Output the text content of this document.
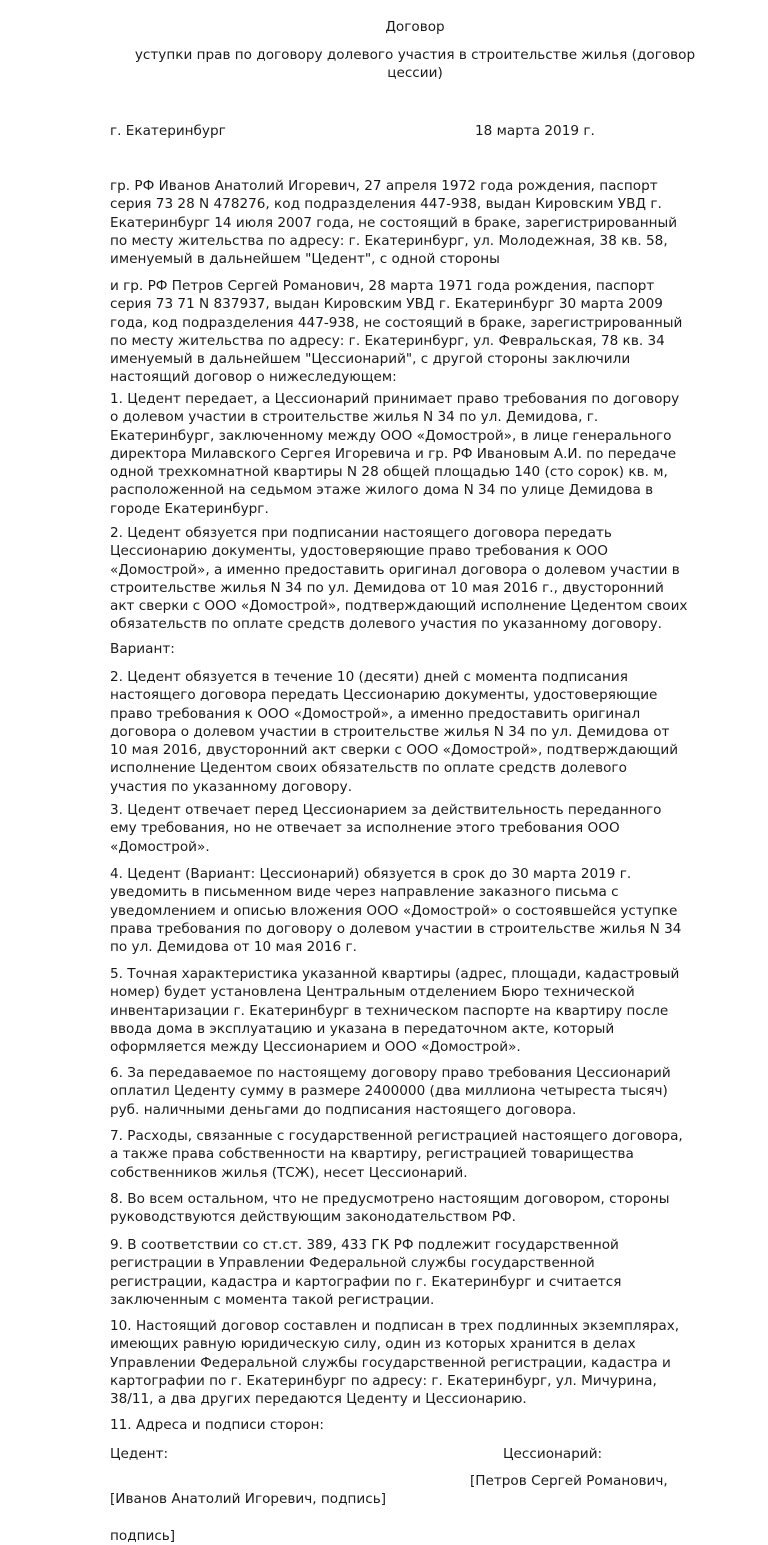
Договор
уступки прав по договору долевого участия в строительстве жилья (договор
цессии)
г. Екатеринбург	18 марта 2019 г.
гр. РФ Иванов Анатолий Игоревич, 27 апреля 1972 года рождения, паспорт
серия 73 28 N 478276, код подразделения 447-938, выдан Кировским УВД г.
Екатеринбург 14 июля 2007 года, не состоящий в браке, зарегистрированный
по месту жительства по адресу: г. Екатеринбург, ул. Молодежная, 38 кв. 58,
именуемый в дальнейшем "Цедент", с одной стороны
и гр. РФ Петров Сергей Романович, 28 марта 1971 года рождения, паспорт
серия 73 71 N 837937, выдан Кировским УВД г. Екатеринбург 30 марта 2009
года, код подразделения 447-938, не состоящий в браке, зарегистрированный
по месту жительства по адресу: г. Екатеринбург, ул. Февральская, 78 кв. 34
именуемый в дальнейшем "Цессионарий", с другой стороны заключили
настоящий договор о нижеследующем:
1. Цедент передает, а Цессионарий принимает право требования по договору
о долевом участии в строительстве жилья N 34 по ул. Демидова, г.
Екатеринбург, заключенному между ООО «Домострой», в лице генерального
директора Милавского Сергея Игоревича и гр. РФ Ивановым А.И. по передаче
одной трехкомнатной квартиры N 28 общей площадью 140 (сто сорок) кв. м,
расположенной на седьмом этаже жилого дома N 34 по улице Демидова в
городе Екатеринбург.
2. Цедент обязуется при подписании настоящего договора передать
Цессионарию документы, удостоверяющие право требования к ООО
«Домострой», а именно предоставить оригинал договора о долевом участии в
строительстве жилья N 34 по ул. Демидова от 10 мая 2016 г., двусторонний
акт сверки с ООО «Домострой», подтверждающий исполнение Цедентом своих
обязательств по оплате средств долевого участия по указанному договору.
Вариант:
2. Цедент обязуется в течение 10 (десяти) дней с момента подписания
настоящего договора передать Цессионарию документы, удостоверяющие
право требования к ООО «Домострой», а именно предоставить оригинал
договора о долевом участии в строительстве жилья N 34 по ул. Демидова от
10 мая 2016, двусторонний акт сверки с ООО «Домострой», подтверждающий
исполнение Цедентом своих обязательств по оплате средств долевого
участия по указанному договору.
3. Цедент отвечает перед Цессионарием за действительность переданного
ему требования, но не отвечает за исполнение этого требования ООО
«Домострой».
4. Цедент (Вариант: Цессионарий) обязуется в срок до 30 марта 2019 г.
уведомить в письменном виде через направление заказного письма с
уведомлением и описью вложения ООО «Домострой» о состоявшейся уступке
права требования по договору о долевом участии в строительстве жилья N 34
по ул. Демидова от 10 мая 2016 г.
5. Точная характеристика указанной квартиры (адрес, площади, кадастровый
номер) будет установлена Центральным отделением Бюро технической
инвентаризации г. Екатеринбург в техническом паспорте на квартиру после
ввода дома в эксплуатацию и указана в передаточном акте, который
оформляется между Цессионарием и ООО «Домострой».
6. За передаваемое по настоящему договору право требования Цессионарий
оплатил Цеденту сумму в размере 2400000 (два миллиона четыреста тысяч)
руб. наличными деньгами до подписания настоящего договора.
7. Расходы, связанные с государственной регистрацией настоящего договора,
а также права собственности на квартиру, регистрацией товарищества
собственников жилья (ТСЖ), несет Цессионарий.
8. Во всем остальном, что не предусмотрено настоящим договором, стороны
руководствуются действующим законодательством РФ.
9. В соответствии со ст.ст. 389, 433 ГК РФ подлежит государственной
регистрации в Управлении Федеральной службы государственной
регистрации, кадастра и картографии по г. Екатеринбург и считается
заключенным с момента такой регистрации.
10. Настоящий договор составлен и подписан в трех подлинных экземплярах,
имеющих равную юридическую силу, один из которых хранится в делах
Управлении Федеральной службы государственной регистрации, кадастра и
картографии по г. Екатеринбург по адресу: г. Екатеринбург, ул. Мичурина,
38/11, а два других передаются Цеденту и Цессионарию.
11. Адреса и подписи сторон:
Цедент:	Цессионарий:

[Иванов Анатолий Игоревич, подпись]

подпись]

[Петров Сергей Романович,
